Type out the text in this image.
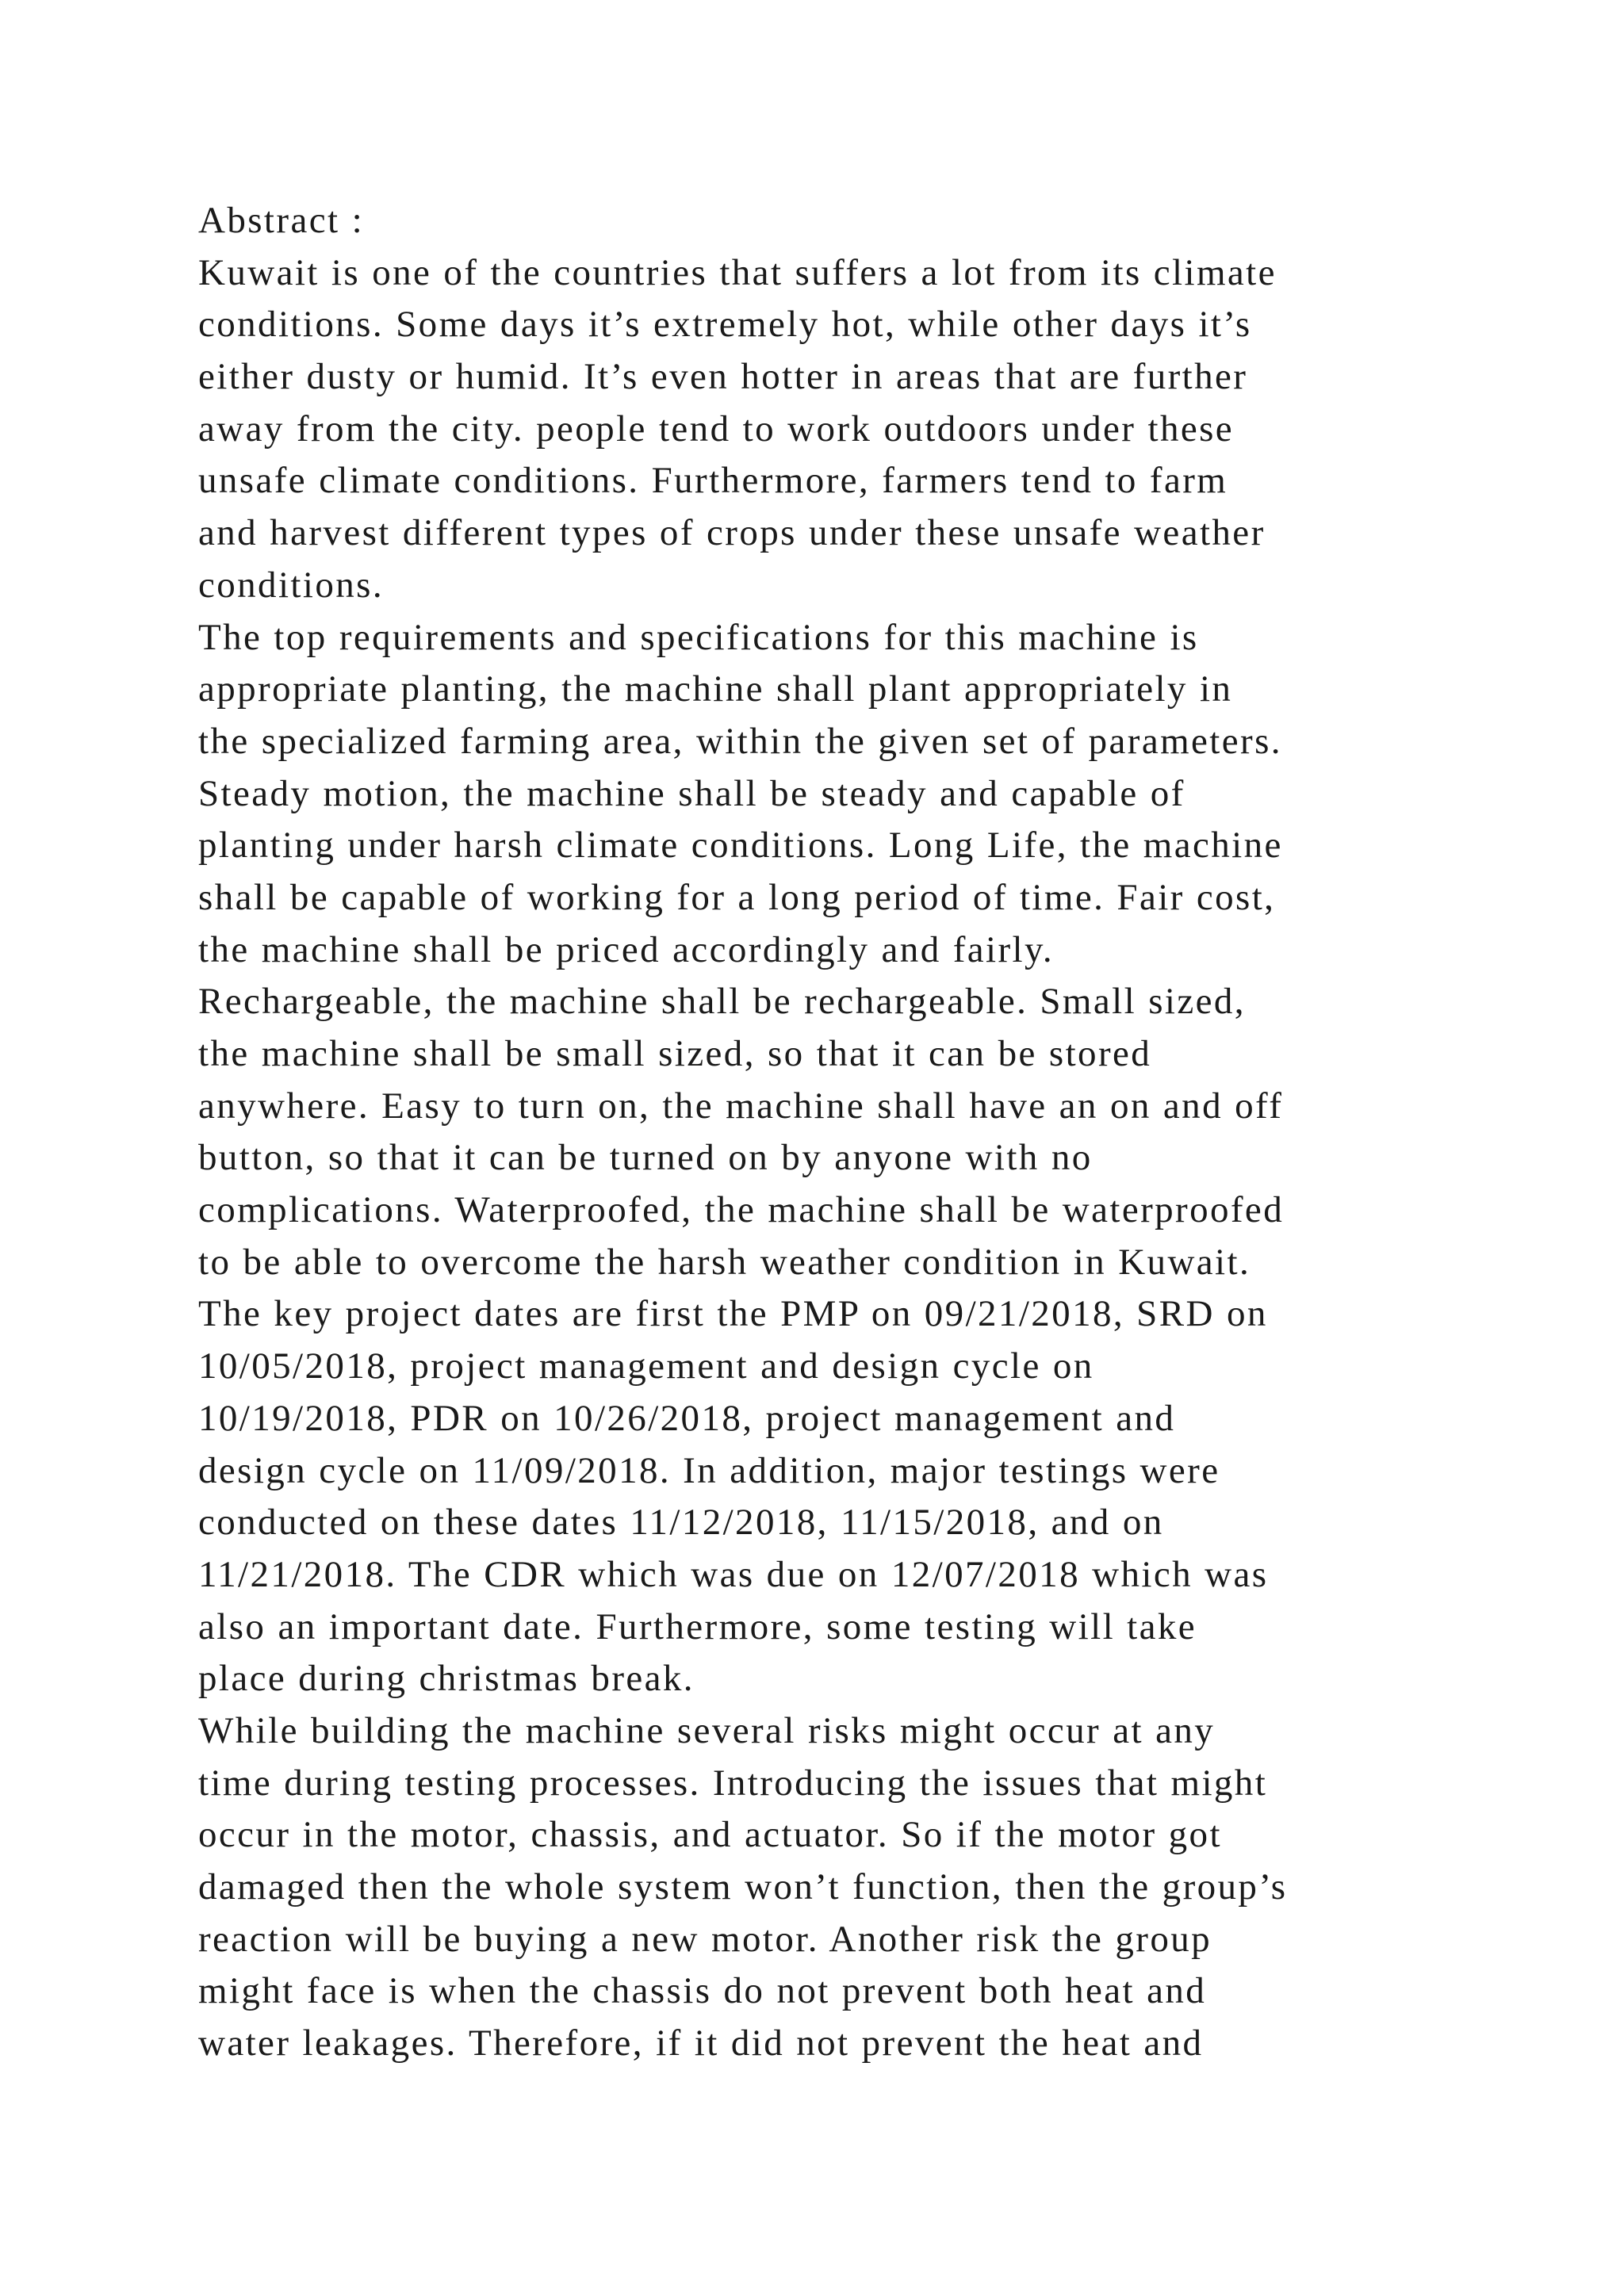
Abstract :
Kuwait is one of the countries that suffers a lot from its climate
conditions. Some days it’s extremely hot, while other days it’s
either dusty or humid. It’s even hotter in areas that are further
away from the city. people tend to work outdoors under these
unsafe climate conditions. Furthermore, farmers tend to farm
and harvest different types of crops under these unsafe weather
conditions.
The top requirements and specifications for this machine is
appropriate planting, the machine shall plant appropriately in
the specialized farming area, within the given set of parameters.
Steady motion, the machine shall be steady and capable of
planting under harsh climate conditions. Long Life, the machine
shall be capable of working for a long period of time. Fair cost,
the machine shall be priced accordingly and fairly.
Rechargeable, the machine shall be rechargeable. Small sized,
the machine shall be small sized, so that it can be stored
anywhere. Easy to turn on, the machine shall have an on and off
button, so that it can be turned on by anyone with no
complications. Waterproofed, the machine shall be waterproofed
to be able to overcome the harsh weather condition in Kuwait.
The key project dates are first the PMP on 09/21/2018, SRD on
10/05/2018, project management and design cycle on
10/19/2018, PDR on 10/26/2018, project management and
design cycle on 11/09/2018. In addition, major testings were
conducted on these dates 11/12/2018, 11/15/2018, and on
11/21/2018. The CDR which was due on 12/07/2018 which was
also an important date. Furthermore, some testing will take
place during christmas break.
While building the machine several risks might occur at any
time during testing processes. Introducing the issues that might
occur in the motor, chassis, and actuator. So if the motor got
damaged then the whole system won’t function, then the group’s
reaction will be buying a new motor. Another risk the group
might face is when the chassis do not prevent both heat and
water leakages. Therefore, if it did not prevent the heat and
